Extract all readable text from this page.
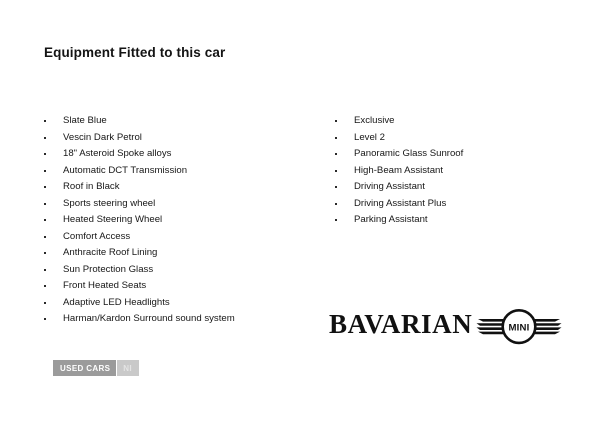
Equipment Fitted to this car
Slate Blue
Vescin Dark Petrol
18" Asteroid Spoke alloys
Automatic DCT Transmission
Roof in Black
Sports steering wheel
Heated Steering Wheel
Comfort Access
Anthracite Roof Lining
Sun Protection Glass
Front Heated Seats
Adaptive LED Headlights
Harman/Kardon Surround sound system
Exclusive
Level 2
Panoramic Glass Sunroof
High-Beam Assistant
Driving Assistant
Driving Assistant Plus
Parking Assistant
BAVARIAN	MINI
USED CARS	NI
